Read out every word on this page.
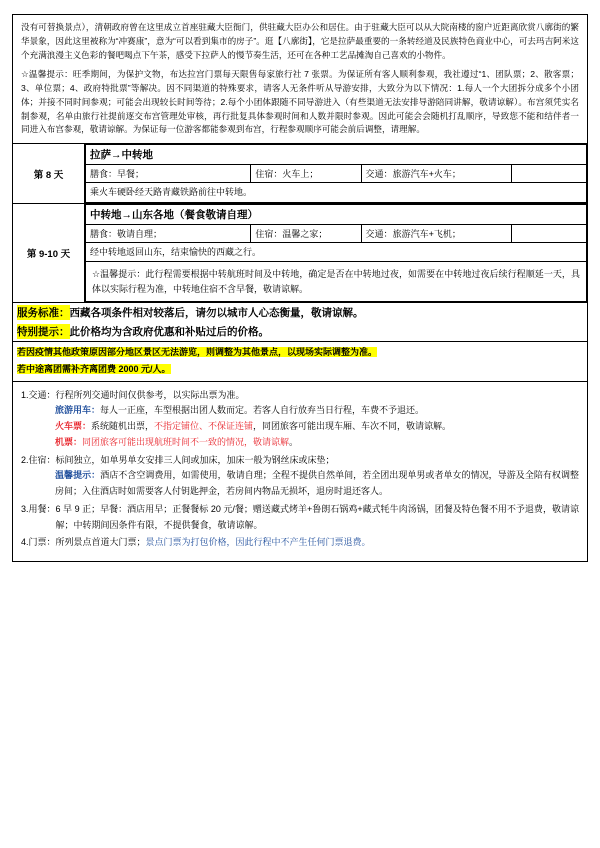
没有可替换景点），清朝政府曾在这里成立首座驻藏大臣衙门，供驻藏大臣办公和居住。由于驻藏大臣可以从大院南楼的窗户近距离欣赏八廓街的繁华景象，因此这里被称为“冲赛康”，意为“可以看到集市的房子”。逛【八廓街】，它是拉萨最重要的一条转经道及民族特色商业中心，可去玛吉阿米这个充满浪漫主义色彩的餐吧喝点下午茶，感受下拉萨人的慢节奏生活，还可在各种工艺品摊淘自己喜欢的小物件。
☆温馨提示：旺季期间，为保护文物，布达拉宫门票每天限售每家旅行社 7 张票。为保证所有客人顺利参观，我社遵过“1、团队票；2、散客票；3、单位票；4、政府特批票”等解决。因不同渠道的特殊要求，请客人无条件听从导游安排，大致分为以下情况：1.每人一个大团拆分成多个小团体；并接不同时间参观；可能会出现较长时间等待；2.每个小团体跟随不同导游进入（有些渠道无法安排导游陪同讲解，敬请谅解）。布宫须凭实名制参观，名单由旅行社提前逐交布宫管理处审核，再行批复具体参观时间和人数并限时参观。因此可能会会随机打乱顺序，导致您不能和结伴者一同进入布宫参观，敬请谅解。为保证每一位游客都能参观到布宫，行程参观顺序可能会前后调整，请理解。

第 8 天	
拉萨→中转地
膳食：早餐；	住宿：火车上；	交通：旅游汽车+火车；	
乘火车硬卧经天路青藏铁路前往中转地。

第 9-10 天	
中转地→山东各地（餐食敬请自理）
膳食：敬请自理；	住宿：温馨之家；	交通：旅游汽车+飞机；	
经中转地返回山东，结束愉快的西藏之行。
☆温馨提示：此行程需要根据中转航班时间及中转地，确定是否在中转地过夜，如需要在中转地过夜后续行程顺延一天，具体以实际行程为准，中转地住宿不含早餐，敬请谅解。

服务标准： 西藏各项条件相对较落后，请勿以城市人心态衡量，敬请谅解。
特别提示： 此价格均为含政府优惠和补贴过后的价格。

若因疫情其他政策原因部分地区景区无法游览，则调整为其他景点，以现场实际调整为准。
若中途离团需补齐离团费 2000 元/人。

1.交通： 行程所列交通时间仅供参考，以实际出票为准。
旅游用车：每人一正座，车型根据出团人数而定。若客人自行放弃当日行程，车费不予退还。
火车票：系统随机出票，不指定铺位、不保证连铺，同团旅客可能出现车厢、车次不同，敬请谅解。
机票：同团旅客可能出现航班时间不一致的情况，敬请谅解。
2.住宿： 标间独立，如单男单女安排三人间或加床，加床一般为钢丝床或床垫；
温馨提示：酒店不含空调费用，如需使用，敬请自理；全程不提供自然单间，若全团出现单男或者单女的情况，导游及全陪有权调整房间；入住酒店时如需要客人付钥匙押金，若房间内物品无损坏，退房时退还客人。
3.用餐： 6 早 9 正；早餐：酒店用早；正餐餐标 20 元/餐；赠送藏式烤羊+鲁朗石锅鸡+藏式牦牛肉汤锅，团餐及特色餐不用不予退费，敬请谅解；中转期间因条件有限，不提供餐食，敬请谅解。
4.门票： 所列景点首道大门票；景点门票为打包价格，因此行程中不产生任何门票退费。
